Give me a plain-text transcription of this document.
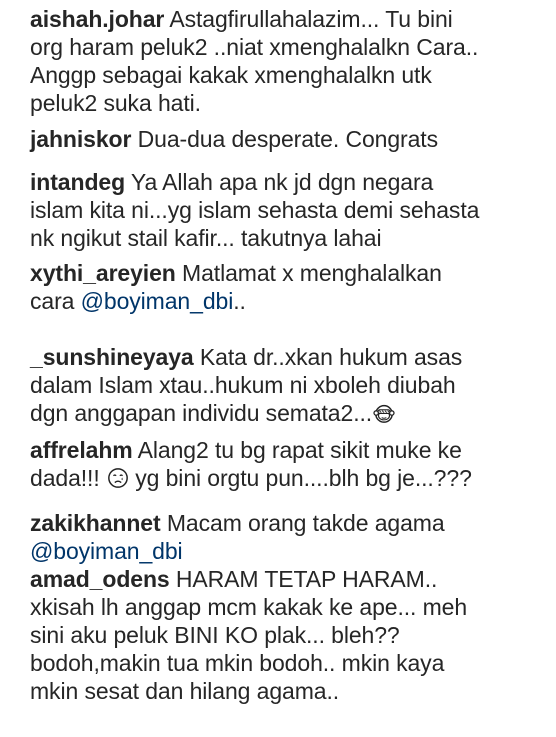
aishah.johar Astagfirullahalazim... Tu bini
org haram peluk2 ..niat xmenghalalkn Cara..
Anggp sebagai kakak xmenghalalkn utk
peluk2 suka hati.
jahniskor Dua-dua desperate. Congrats
intandeg Ya Allah apa nk jd dgn negara
islam kita ni...yg islam sehasta demi sehasta
nk ngikut stail kafir... takutnya lahai
xythi_areyien Matlamat x menghalalkan
cara @boyiman_dbi..
_sunshineyaya Kata dr..xkan hukum asas
dalam Islam xtau..hukum ni xboleh diubah
dgn anggapan individu semata2...
affrelahm Alang2 tu bg rapat sikit muke ke
dada!!! yg bini orgtu pun....blh bg je...???
zakikhannet Macam orang takde agama
@boyiman_dbi
amad_odens HARAM TETAP HARAM..
xkisah lh anggap mcm kakak ke ape... meh
sini aku peluk BINI KO plak... bleh??
bodoh,makin tua mkin bodoh.. mkin kaya
mkin sesat dan hilang agama..
